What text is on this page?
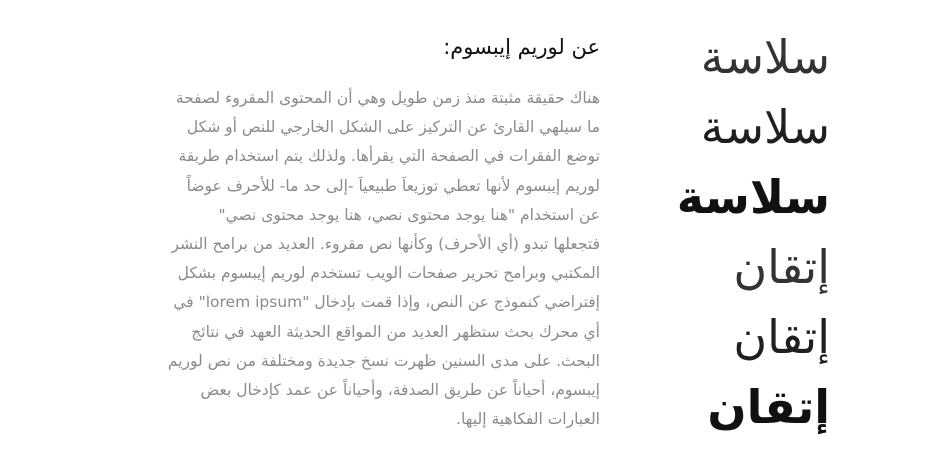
سلاسة
سلاسة
سلاسة
إتقان
إتقان
إتقان
عن لوريم إيبسوم:
هناك حقيقة مثبتة منذ زمن طويل وهي أن المحتوى المقروء لصفحة
ما سيلهي القارئ عن التركيز على الشكل الخارجي للنص أو شكل
توضع الفقرات في الصفحة التي يقرأها. ولذلك يتم استخدام طريقة
لوريم إيبسوم لأنها تعطي توزيعاَ طبيعياَ -إلى حد ما- للأحرف عوضاً
عن استخدام "هنا يوجد محتوى نصي، هنا يوجد محتوى نصي"
فتجعلها تبدو (أي الأحرف) وكأنها نص مقروء. العديد من برامح النشر
المكتبي وبرامح تحرير صفحات الويب تستخدم لوريم إيبسوم بشكل
إفتراضي كنموذج عن النص، وإذا قمت بإدخال "lorem ipsum" في
أي محرك بحث ستظهر العديد من المواقع الحديثة العهد في نتائج
البحث. على مدى السنين ظهرت نسخ جديدة ومختلفة من نص لوريم
إيبسوم، أحياناً عن طريق الصدفة، وأحياناً عن عمد كإدخال بعض
العبارات الفكاهية إليها.
